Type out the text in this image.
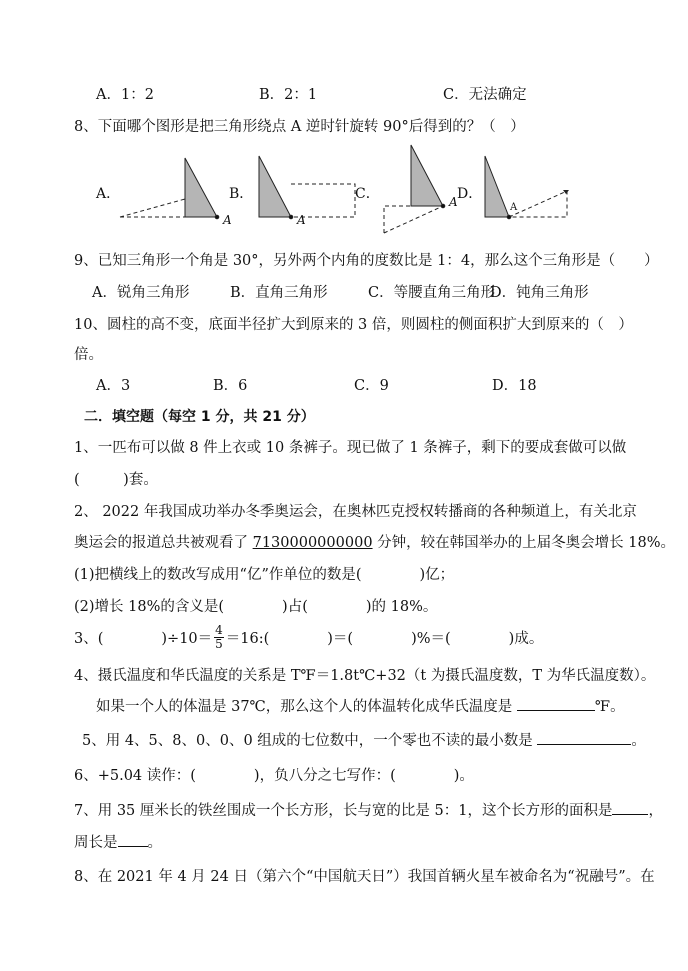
A．1：2	B．2：1	C．无法确定
8、下面哪个图形是把三角形绕点 A 逆时针旋转 90°后得到的？（　）
A．	B．	C．	D．
A	A
A	A
9、已知三角形一个角是 30°，另外两个内角的度数比是 1：4，那么这个三角形是（　　）
A．锐角三角形	B．直角三角形	C．等腰直角三角形
D．钝角三角形
10、圆柱的高不变，底面半径扩大到原来的 3 倍，则圆柱的侧面积扩大到原来的（　）
倍。
A．3	B．6	C．9	D．18
二．填空题（每空 1 分，共 21 分）
1、一匹布可以做 8 件上衣或 10 条裤子。现已做了 1 条裤子，剩下的要成套做可以做
(　　　)套。
2、 2022 年我国成功举办冬季奥运会，在奥林匹克授权转播商的各种频道上，有关北京
奥运会的报道总共被观看了 7130000000000 分钟，较在韩国举办的上届冬奥会增长 18%。
(1)把横线上的数改写成用“亿”作单位的数是(　　　　)亿；
(2)增长 18%的含义是(　　　　)占(　　　　)的 18%。
3、(　　　　)$\div 10= \frac{4}{5}$ ＝16:(　　　　)＝(　　　　)%＝(　　　　)成。
4、摄氏温度和华氏温度的关系是 T℉＝1.8t℃+32（t 为摄氏温度数，T 为华氏温度数）。
如果一个人的体温是 37℃，那么这个人的体温转化成华氏温度是	℉。
5、用 4、5、8、0、0、0 组成的七位数中，一个零也不读的最小数是	。
6、+5.04 读作：(　　　　)，负八分之七写作：(　　　　)。
7、用 35 厘米长的铁丝围成一个长方形，长与宽的比是 5：1，这个长方形的面积是 ，
周长是 。
8、在 2021 年 4 月 24 日（第六个“中国航天日”）我国首辆火星车被命名为“祝融号”。在
